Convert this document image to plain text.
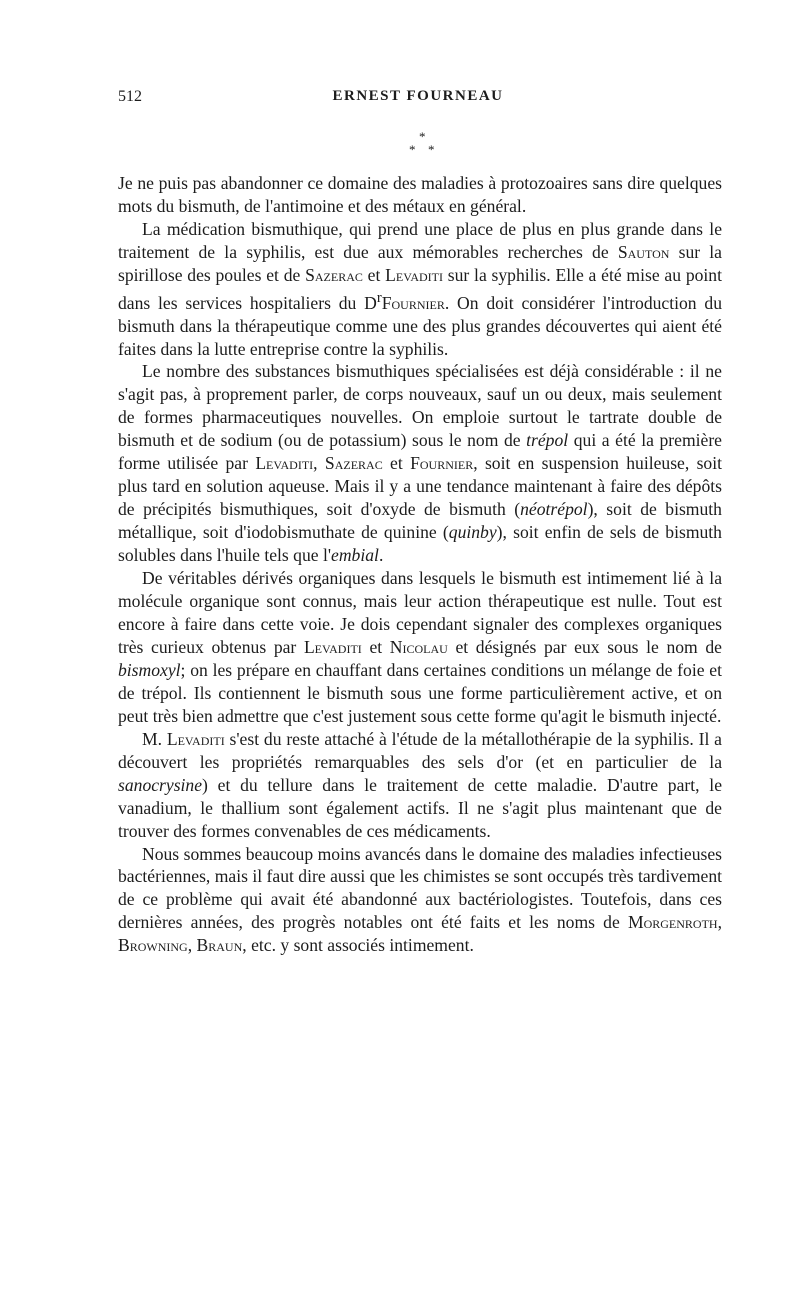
512	ERNEST FOURNEAU
*
* *

Je ne puis pas abandonner ce domaine des maladies à protozoaires sans dire quelques mots du bismuth, de l'antimoine et des métaux en général.

La médication bismuthique, qui prend une place de plus en plus grande dans le traitement de la syphilis, est due aux mémorables recherches de Sauton sur la spirillose des poules et de Sazerac et Levaditi sur la syphilis. Elle a été mise au point dans les services hospitaliers du $D^rFournier$. On doit considérer l'introduction du bismuth dans la thérapeutique comme une des plus grandes découvertes qui aient été faites dans la lutte entreprise contre la syphilis.

Le nombre des substances bismuthiques spécialisées est déjà considérable : il ne s'agit pas, à proprement parler, de corps nouveaux, sauf un ou deux, mais seulement de formes pharmaceutiques nouvelles. On emploie surtout le tartrate double de bismuth et de sodium (ou de potassium) sous le nom de trépol qui a été la première forme utilisée par Levaditi, Sazerac et Fournier, soit en suspension huileuse, soit plus tard en solution aqueuse. Mais il y a une tendance maintenant à faire des dépôts de précipités bismuthiques, soit d'oxyde de bismuth (néotrépol), soit de bismuth métallique, soit d'iodobismuthate de quinine (quinby), soit enfin de sels de bismuth solubles dans l'huile tels que l'embial.

De véritables dérivés organiques dans lesquels le bismuth est intimement lié à la molécule organique sont connus, mais leur action thérapeutique est nulle. Tout est encore à faire dans cette voie. Je dois cependant signaler des complexes organiques très curieux obtenus par Levaditi et Nicolau et désignés par eux sous le nom de bismoxyl; on les prépare en chauffant dans certaines conditions un mélange de foie et de trépol. Ils contiennent le bismuth sous une forme particulièrement active, et on peut très bien admettre que c'est justement sous cette forme qu'agit le bismuth injecté.

M. Levaditi s'est du reste attaché à l'étude de la métallothérapie de la syphilis. Il a découvert les propriétés remarquables des sels d'or (et en particulier de la sanocrysine) et du tellure dans le traitement de cette maladie. D'autre part, le vanadium, le thallium sont également actifs. Il ne s'agit plus maintenant que de trouver des formes convenables de ces médicaments.

Nous sommes beaucoup moins avancés dans le domaine des maladies infectieuses bactériennes, mais il faut dire aussi que les chimistes se sont occupés très tardivement de ce problème qui avait été abandonné aux bactériologistes. Toutefois, dans ces dernières années, des progrès notables ont été faits et les noms de Morgenroth, Browning, Braun, etc. y sont associés intimement.
